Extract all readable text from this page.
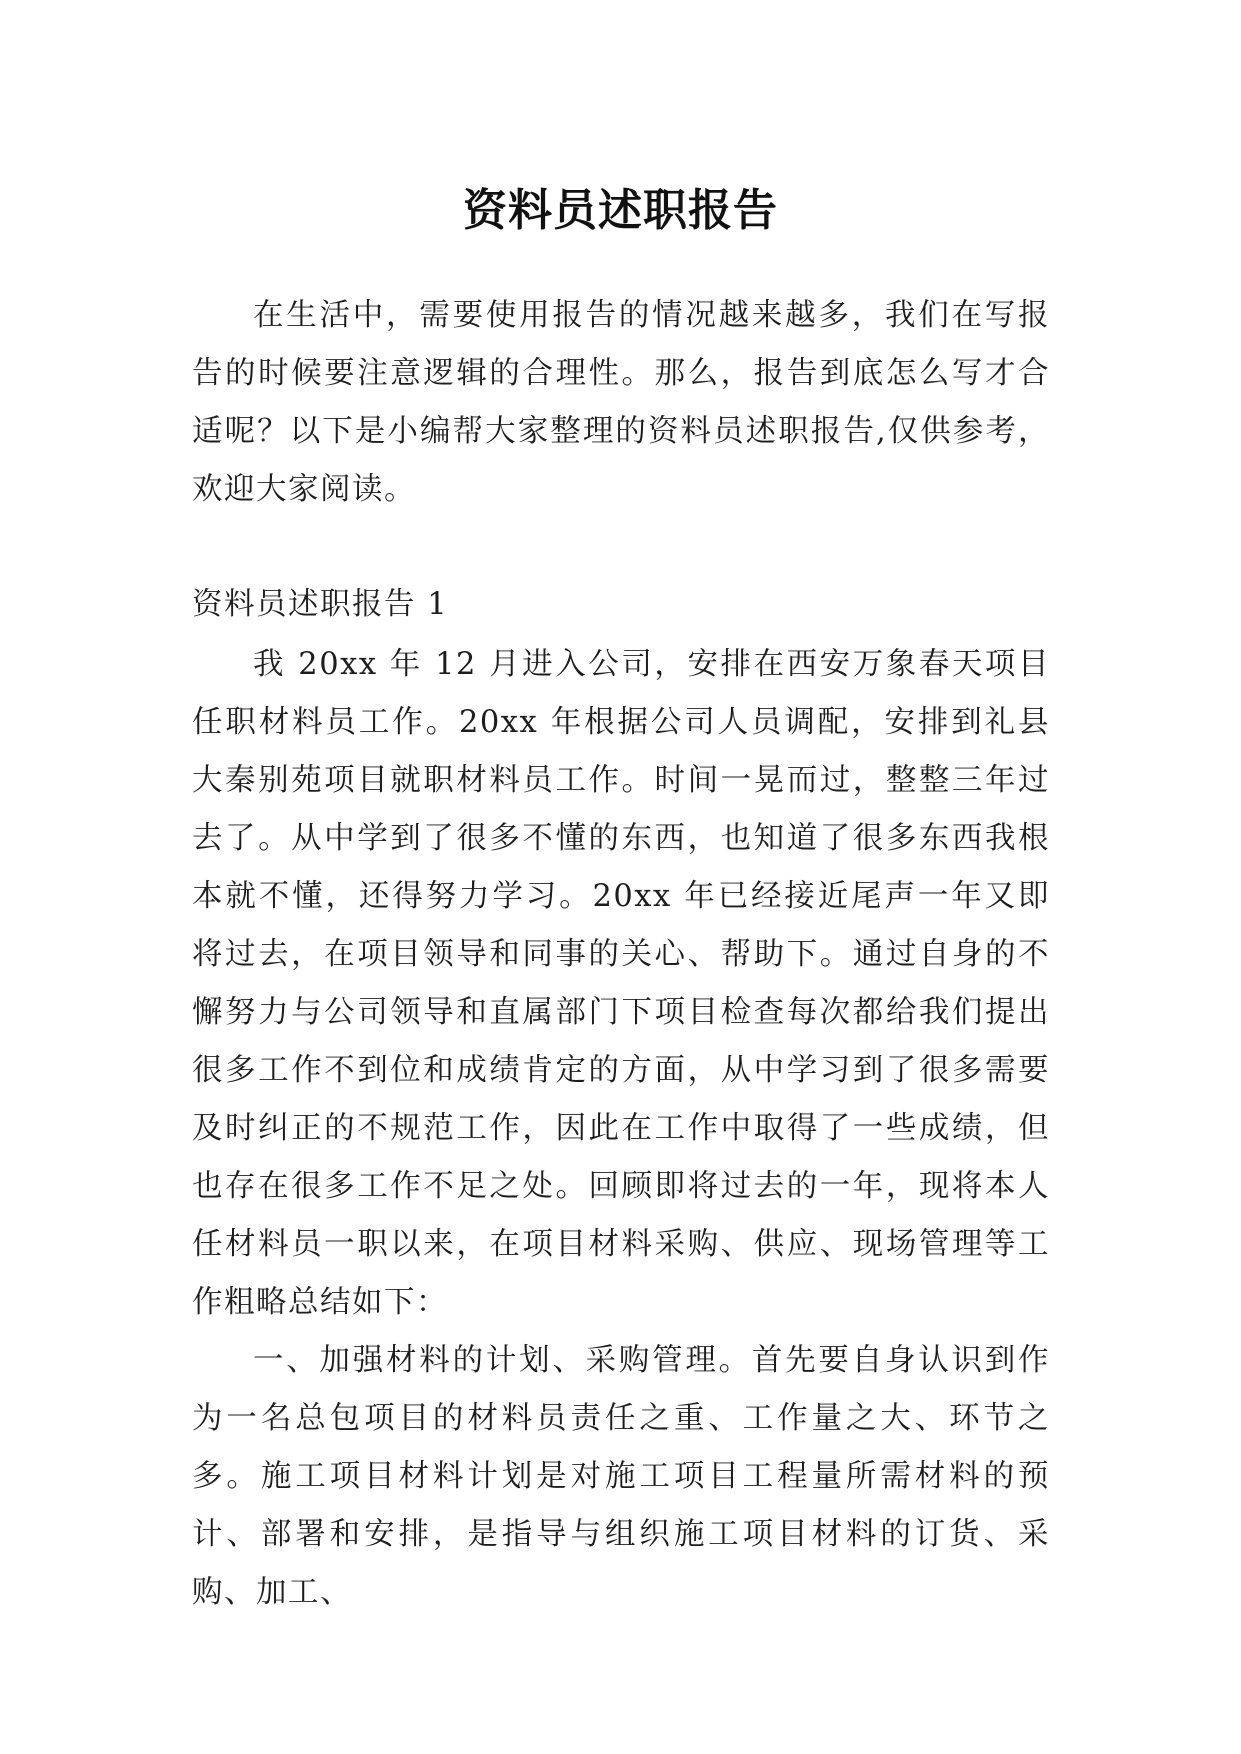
资料员述职报告

在生活中，需要使用报告的情况越来越多，我们在写报告的时候要注意逻辑的合理性。那么，报告到底怎么写才合适呢？以下是小编帮大家整理的资料员述职报告,仅供参考，欢迎大家阅读。

资料员述职报告 1

我 20xx 年 12 月进入公司，安排在西安万象春天项目任职材料员工作。20xx 年根据公司人员调配，安排到礼县大秦别苑项目就职材料员工作。时间一晃而过，整整三年过去了。从中学到了很多不懂的东西，也知道了很多东西我根本就不懂，还得努力学习。20xx 年已经接近尾声一年又即将过去，在项目领导和同事的关心、帮助下。通过自身的不懈努力与公司领导和直属部门下项目检查每次都给我们提出很多工作不到位和成绩肯定的方面，从中学习到了很多需要及时纠正的不规范工作，因此在工作中取得了一些成绩，但也存在很多工作不足之处。回顾即将过去的一年，现将本人任材料员一职以来，在项目材料采购、供应、现场管理等工作粗略总结如下：

一、加强材料的计划、采购管理。首先要自身认识到作为一名总包项目的材料员责任之重、工作量之大、环节之多。施工项目材料计划是对施工项目工程量所需材料的预计、部署和安排，是指导与组织施工项目材料的订货、采购、加工、
